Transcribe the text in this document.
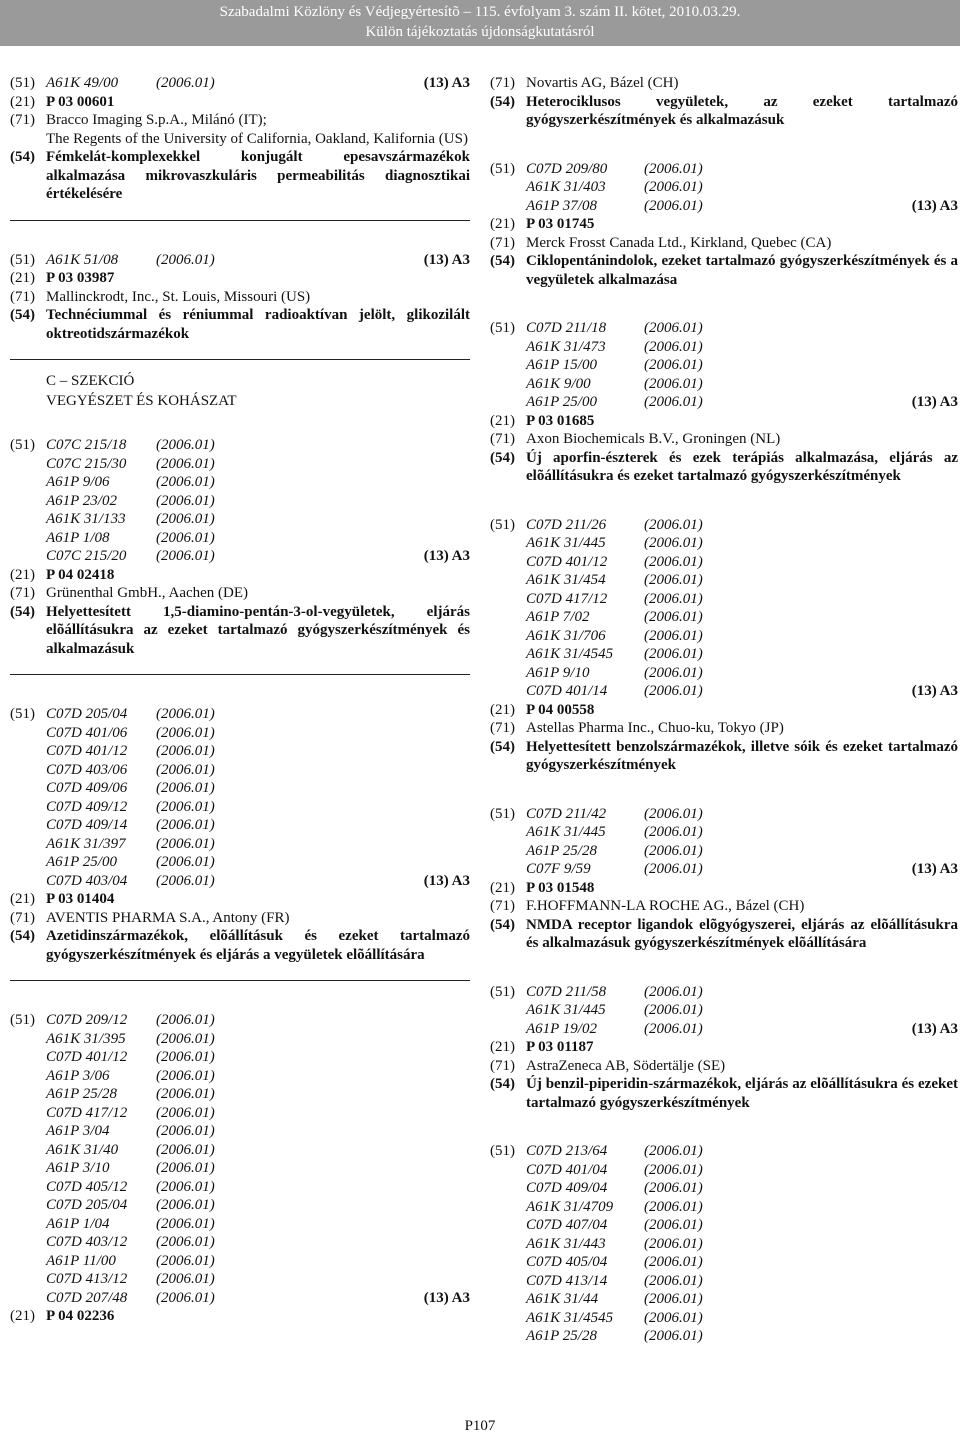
Szabadalmi Közlöny és Védjegyértesítõ – 115. évfolyam 3. szám II. kötet, 2010.03.29.
Külön tájékoztatás újdonságkutatásról
(51) A61K 49/00	(2006.01)	(13) A3
(21) P 03 00601
(71) Bracco Imaging S.p.A., Milánó (IT);
The Regents of the University of California, Oakland, Kalifornia (US)
(54) Fémkelát-komplexekkel konjugált epesavszármazékok alkalmazása mikrovaszkuláris permeabilitás diagnosztikai értékelésére
(51) A61K 51/08	(2006.01)	(13) A3
(21) P 03 03987
(71) Mallinckrodt, Inc., St. Louis, Missouri (US)
(54) Technéciummal és réniummal radioaktívan jelölt, glikozilált oktreotidszármazékok
C – SZEKCIÓ
VEGYÉSZET ÉS KOHÁSZAT
(51) C07C 215/18 (2006.01)
C07C 215/30 (2006.01)
A61P 9/06	(2006.01)
A61P 23/02	(2006.01)
A61K 31/133 (2006.01)
A61P 1/08	(2006.01)
C07C 215/20 (2006.01)	(13) A3
(21) P 04 02418
(71) Grünenthal GmbH., Aachen (DE)
(54) Helyettesített 1,5-diamino-pentán-3-ol-vegyületek, eljárás elõállításukra az ezeket tartalmazó gyógyszerkészítmények és alkalmazásuk
(51) C07D 205/04 (2006.01)
C07D 401/06 (2006.01)
C07D 401/12 (2006.01)
C07D 403/06 (2006.01)
C07D 409/06 (2006.01)
C07D 409/12 (2006.01)
C07D 409/14 (2006.01)
A61K 31/397 (2006.01)
A61P 25/00	(2006.01)
C07D 403/04 (2006.01)	(13) A3
(21) P 03 01404
(71) AVENTIS PHARMA S.A., Antony (FR)
(54) Azetidinszármazékok, elõállításuk és ezeket tartalmazó gyógyszerkészítmények és eljárás a vegyületek elõállítására
(51) C07D 209/12 (2006.01)
A61K 31/395 (2006.01)
C07D 401/12 (2006.01)
A61P 3/06	(2006.01)
A61P 25/28	(2006.01)
C07D 417/12 (2006.01)
A61P 3/04	(2006.01)
A61K 31/40	(2006.01)
A61P 3/10	(2006.01)
C07D 405/12 (2006.01)
C07D 205/04 (2006.01)
A61P 1/04	(2006.01)
C07D 403/12 (2006.01)
A61P 11/00	(2006.01)
C07D 413/12 (2006.01)
C07D 207/48 (2006.01)	(13) A3
(21) P 04 02236
(71) Novartis AG, Bázel (CH)
(54) Heterociklusos vegyületek, az ezeket tartalmazó gyógyszerkészítmények és alkalmazásuk
(51) C07D 209/80 (2006.01)
A61K 31/403	(2006.01)
A61P 37/08	(2006.01)	(13) A3
(21) P 03 01745
(71) Merck Frosst Canada Ltd., Kirkland, Quebec (CA)
(54) Ciklopentánindolok, ezeket tartalmazó gyógyszerkészítmények és a vegyületek alkalmazása
(51) C07D 211/18	(2006.01)
A61K 31/473	(2006.01)
A61P 15/00	(2006.01)
A61K 9/00	(2006.01)
A61P 25/00	(2006.01)	(13) A3
(21) P 03 01685
(71) Axon Biochemicals B.V., Groningen (NL)
(54) Új aporfin-észterek és ezek terápiás alkalmazása, eljárás az elõállításukra és ezeket tartalmazó gyógyszerkészítmények
(51) C07D 211/26	(2006.01)
A61K 31/445	(2006.01)
C07D 401/12 (2006.01)
A61K 31/454	(2006.01)
C07D 417/12 (2006.01)
A61P 7/02	(2006.01)
A61K 31/706	(2006.01)
A61K 31/4545 (2006.01)
A61P 9/10	(2006.01)
C07D 401/14 (2006.01)	(13) A3
(21) P 04 00558
(71) Astellas Pharma Inc., Chuo-ku, Tokyo (JP)
(54) Helyettesített benzolszármazékok, illetve sóik és ezeket tartalmazó gyógyszerkészítmények
(51) C07D 211/42	(2006.01)
A61K 31/445	(2006.01)
A61P 25/28	(2006.01)
C07F 9/59	(2006.01)	(13) A3
(21) P 03 01548
(71) F.HOFFMANN-LA ROCHE AG., Bázel (CH)
(54) NMDA receptor ligandok elõgyógyszerei, eljárás az elõállításukra és alkalmazásuk gyógyszerkészítmények elõállítására
(51) C07D 211/58	(2006.01)
A61K 31/445	(2006.01)
A61P 19/02	(2006.01)	(13) A3
(21) P 03 01187
(71) AstraZeneca AB, Södertälje (SE)
(54) Új benzil-piperidin-származékok, eljárás az elõállításukra és ezeket tartalmazó gyógyszerkészítmények
(51) C07D 213/64 (2006.01)
C07D 401/04 (2006.01)
C07D 409/04 (2006.01)
A61K 31/4709 (2006.01)
C07D 407/04 (2006.01)
A61K 31/443	(2006.01)
C07D 405/04 (2006.01)
C07D 413/14 (2006.01)
A61K 31/44	(2006.01)
A61K 31/4545 (2006.01)
A61P 25/28	(2006.01)
P107
